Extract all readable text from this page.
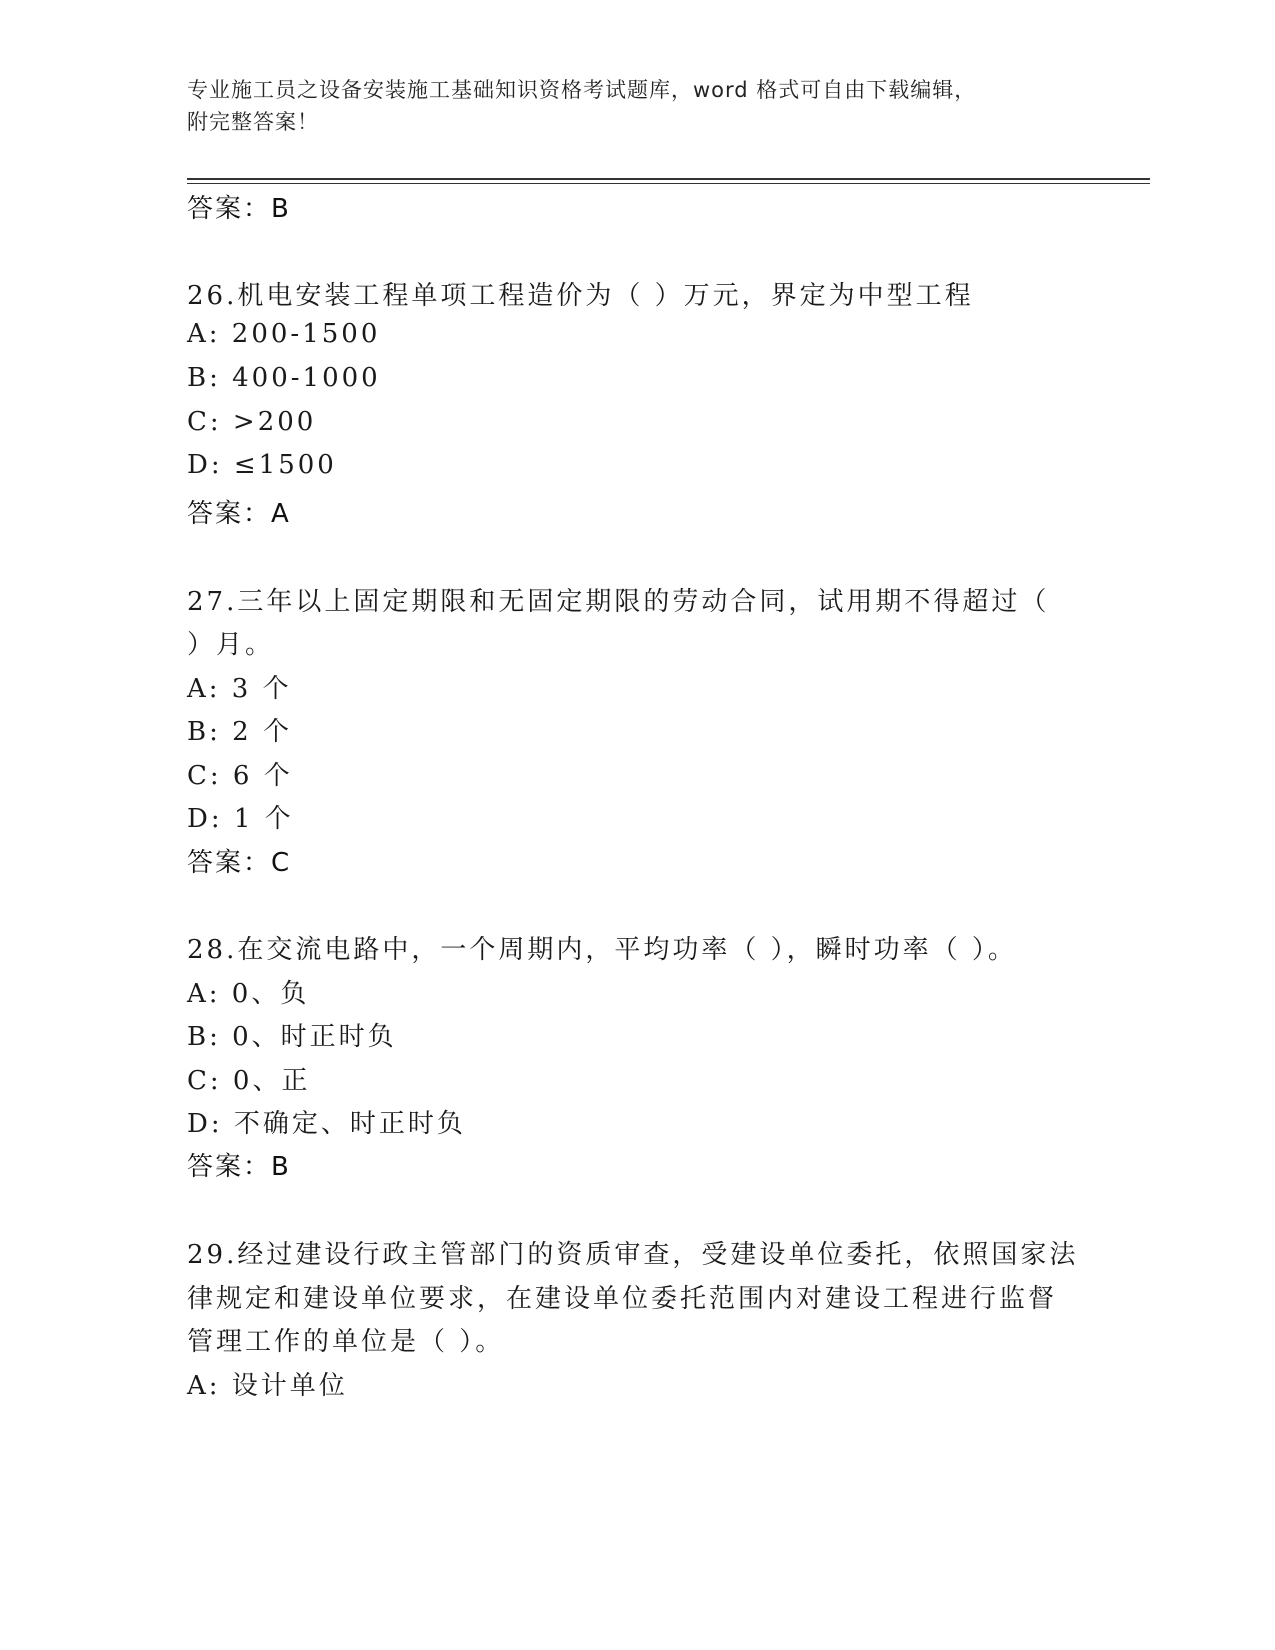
专业施工员之设备安装施工基础知识资格考试题库，word 格式可自由下载编辑，
附完整答案！
答案：B
26.机电安装工程单项工程造价为（ ）万元，界定为中型工程
A: 200-1500
B: 400-1000
C: >200
D: ≤1500
答案：A
27.三年以上固定期限和无固定期限的劳动合同，试用期不得超过（
）月。
A: 3 个
B: 2 个
C: 6 个
D: 1 个
答案：C
28.在交流电路中，一个周期内，平均功率（ ），瞬时功率（ ）。
A: 0、负
B: 0、时正时负
C: 0、正
D: 不确定、时正时负
答案：B
29.经过建设行政主管部门的资质审查，受建设单位委托，依照国家法
律规定和建设单位要求，在建设单位委托范围内对建设工程进行监督
管理工作的单位是（ ）。
A: 设计单位
